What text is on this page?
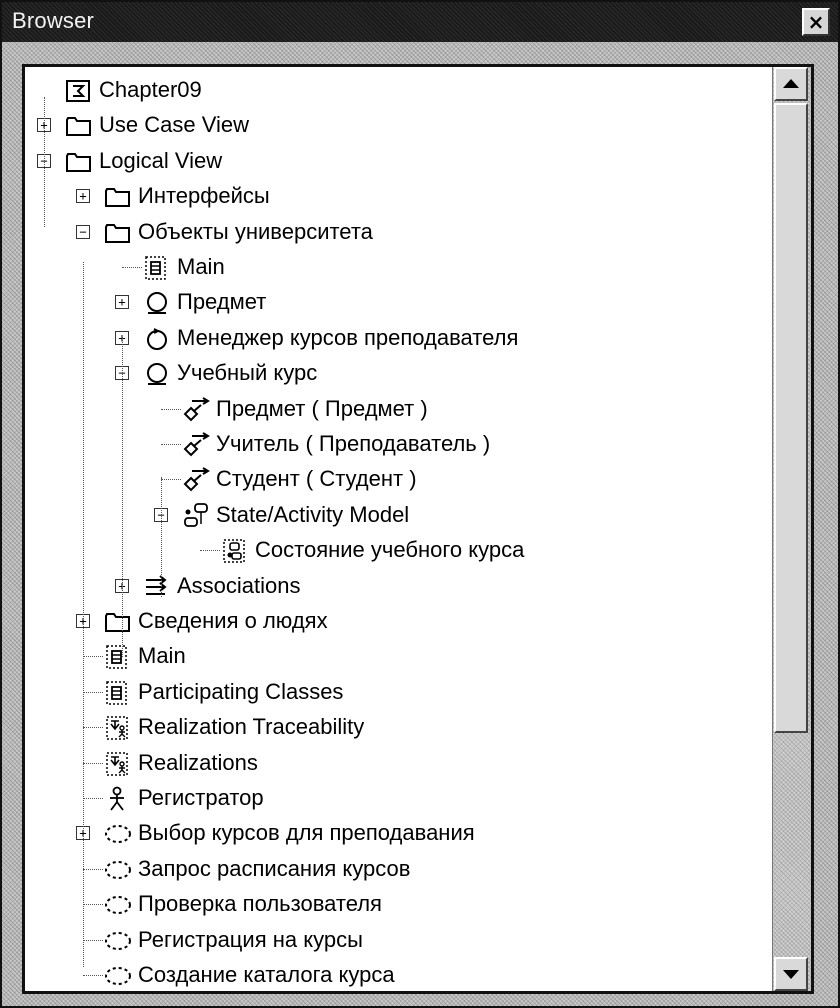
Browser	×
Chapter09
+ Use Case View
− Logical View
+ Интерфейсы
− Объекты университета
Main
+ Предмет
+ Менеджер курсов преподавателя
− Учебный курс
Предмет ( Предмет )
Учитель ( Преподаватель )
Студент ( Студент )
− State/Activity Model
Состояние учебного курса
+ Associations
+ Сведения о людях
Main
Participating Classes
Realization Traceability
Realizations
Регистратор
+ Выбор курсов для преподавания
Запрос расписания курсов
Проверка пользователя
Регистрация на курсы
Создание каталога курса
